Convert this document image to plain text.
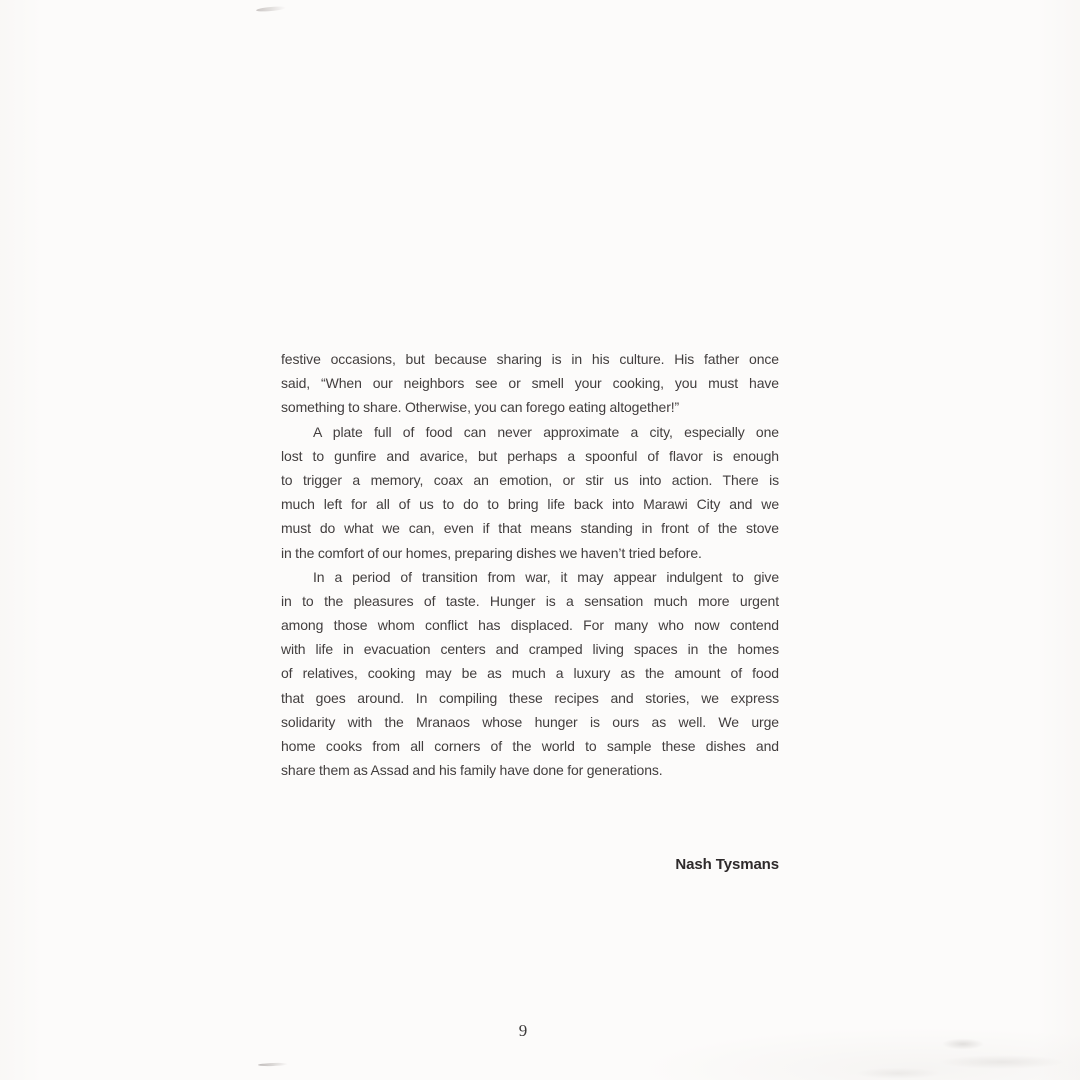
festive occasions, but because sharing is in his culture. His father once
said, “When our neighbors see or smell your cooking, you must have
something to share. Otherwise, you can forego eating altogether!”

A plate full of food can never approximate a city, especially one
lost to gunfire and avarice, but perhaps a spoonful of flavor is enough
to trigger a memory, coax an emotion, or stir us into action. There is
much left for all of us to do to bring life back into Marawi City and we
must do what we can, even if that means standing in front of the stove
in the comfort of our homes, preparing dishes we haven’t tried before.

In a period of transition from war, it may appear indulgent to give
in to the pleasures of taste. Hunger is a sensation much more urgent
among those whom conflict has displaced. For many who now contend
with life in evacuation centers and cramped living spaces in the homes
of relatives, cooking may be as much a luxury as the amount of food
that goes around. In compiling these recipes and stories, we express
solidarity with the Mranaos whose hunger is ours as well. We urge
home cooks from all corners of the world to sample these dishes and
share them as Assad and his family have done for generations.

Nash Tysmans
9
